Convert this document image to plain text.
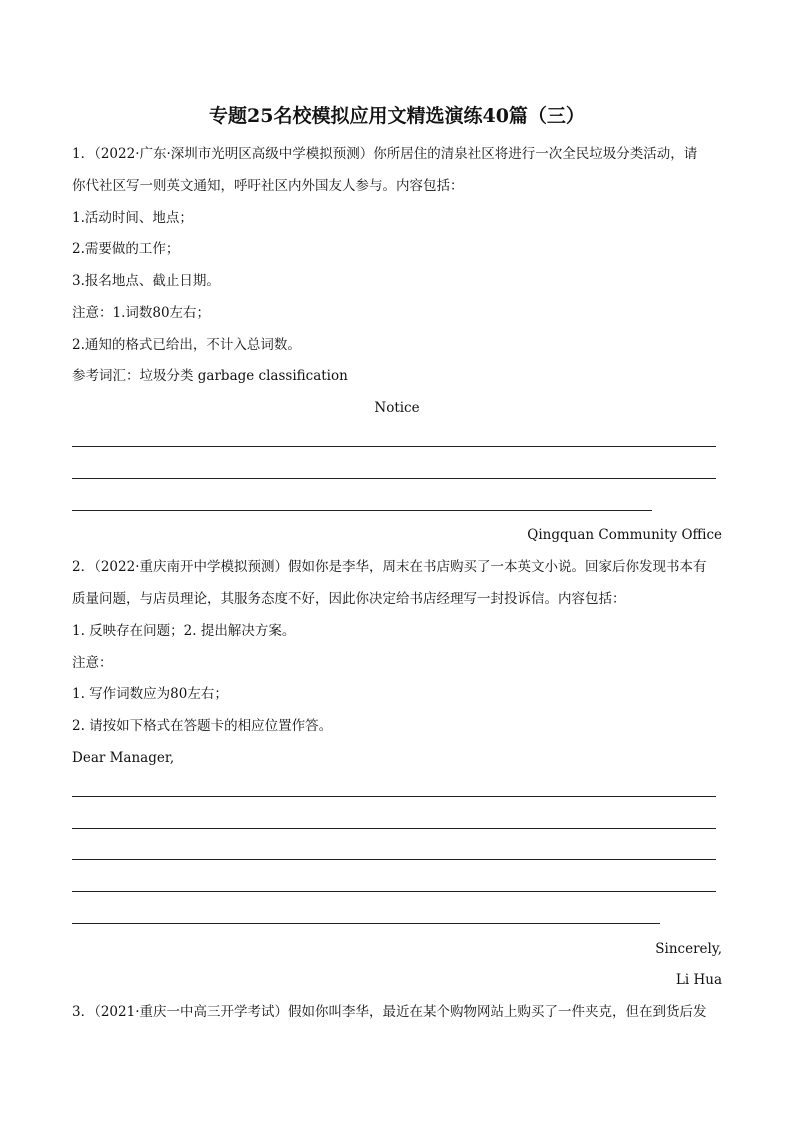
专题25名校模拟应用文精选演练40篇（三）
1．（2022·广东·深圳市光明区高级中学模拟预测）你所居住的清泉社区将进行一次全民垃圾分类活动，请
你代社区写一则英文通知，呼吁社区内外国友人参与。内容包括：
1.活动时间、地点；
2.需要做的工作；
3.报名地点、截止日期。
注意：1.词数80左右；
2.通知的格式已给出，不计入总词数。
参考词汇：垃圾分类 garbage classification
Notice
Qingquan Community Office
2．（2022·重庆南开中学模拟预测）假如你是李华，周末在书店购买了一本英文小说。回家后你发现书本有
质量问题，与店员理论，其服务态度不好，因此你决定给书店经理写一封投诉信。内容包括：
1. 反映存在问题；2. 提出解决方案。
注意：
1. 写作词数应为80左右；
2. 请按如下格式在答题卡的相应位置作答。
Dear Manager,
Sincerely,
Li Hua
3．（2021·重庆一中高三开学考试）假如你叫李华，最近在某个购物网站上购买了一件夹克，但在到货后发
